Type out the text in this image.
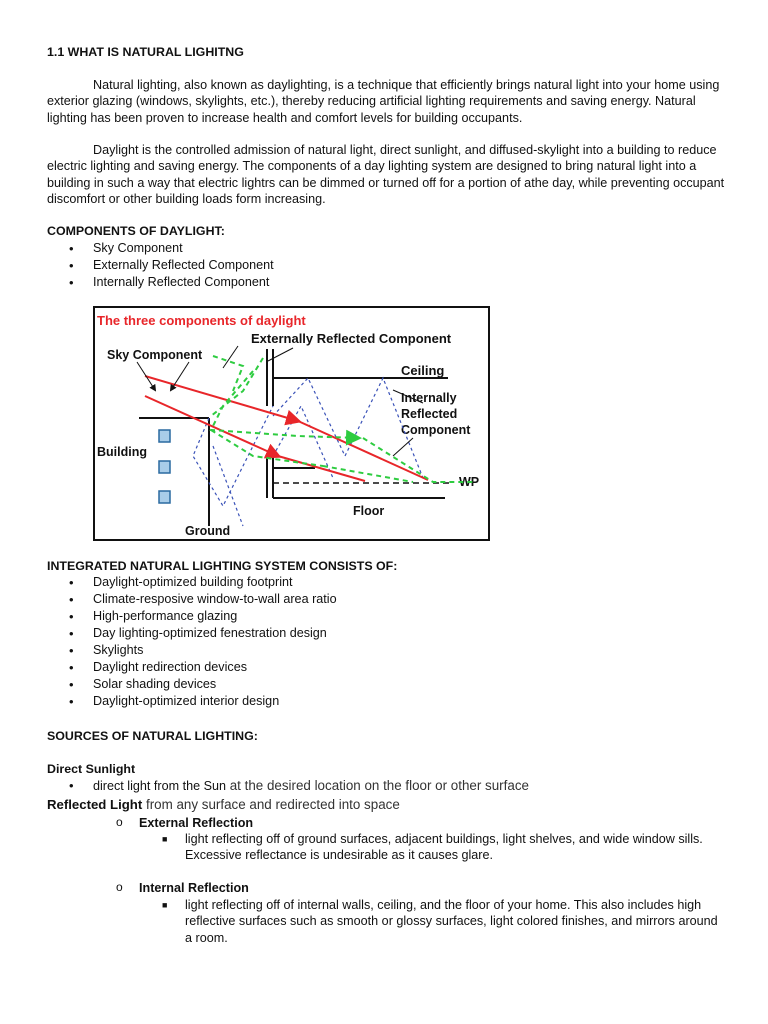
1.1 WHAT IS NATURAL LIGHITNG
Natural lighting, also known as daylighting, is a technique that efficiently brings natural light into your home using exterior glazing (windows, skylights, etc.), thereby reducing artificial lighting requirements and saving energy. Natural lighting has been proven to increase health and comfort levels for building occupants.
Daylight is the controlled admission of natural light, direct sunlight, and diffused-skylight into a building to reduce electric lighting and saving energy. The components of a day lighting system are designed to bring natural light into a building in such a way that electric lightrs can be dimmed or turned off for a portion of athe day, while preventing occupant discomfort or other building loads form increasing.
COMPONENTS OF DAYLIGHT:
• Sky Component
• Externally Reflected Component
• Internally Reflected Component
INTEGRATED NATURAL LIGHTING SYSTEM CONSISTS OF:
• Daylight-optimized building footprint
• Climate-resposive window-to-wall area ratio
• High-performance glazing
• Day lighting-optimized fenestration design
• Skylights
• Daylight redirection devices
• Solar shading devices
• Daylight-optimized interior design
SOURCES OF NATURAL LIGHTING:
Direct Sunlight
• direct light from the Sun at the desired location on the floor or other surface
Reflected Light from any surface and redirected into space
o External Reflection
■	light reflecting off of ground surfaces, adjacent buildings, light shelves, and wide window sills. Excessive reflectance is undesirable as it causes glare.
o Internal Reflection
■	light reflecting off of internal walls, ceiling, and the floor of your home. This also includes high reflective surfaces such as smooth or glossy surfaces, light colored finishes, and mirrors around a room.
The three components of daylight
Externally Reflected Component
Sky Component
Ceiling
Internally
Reflected
Component
Building
WP
Floor
Ground
